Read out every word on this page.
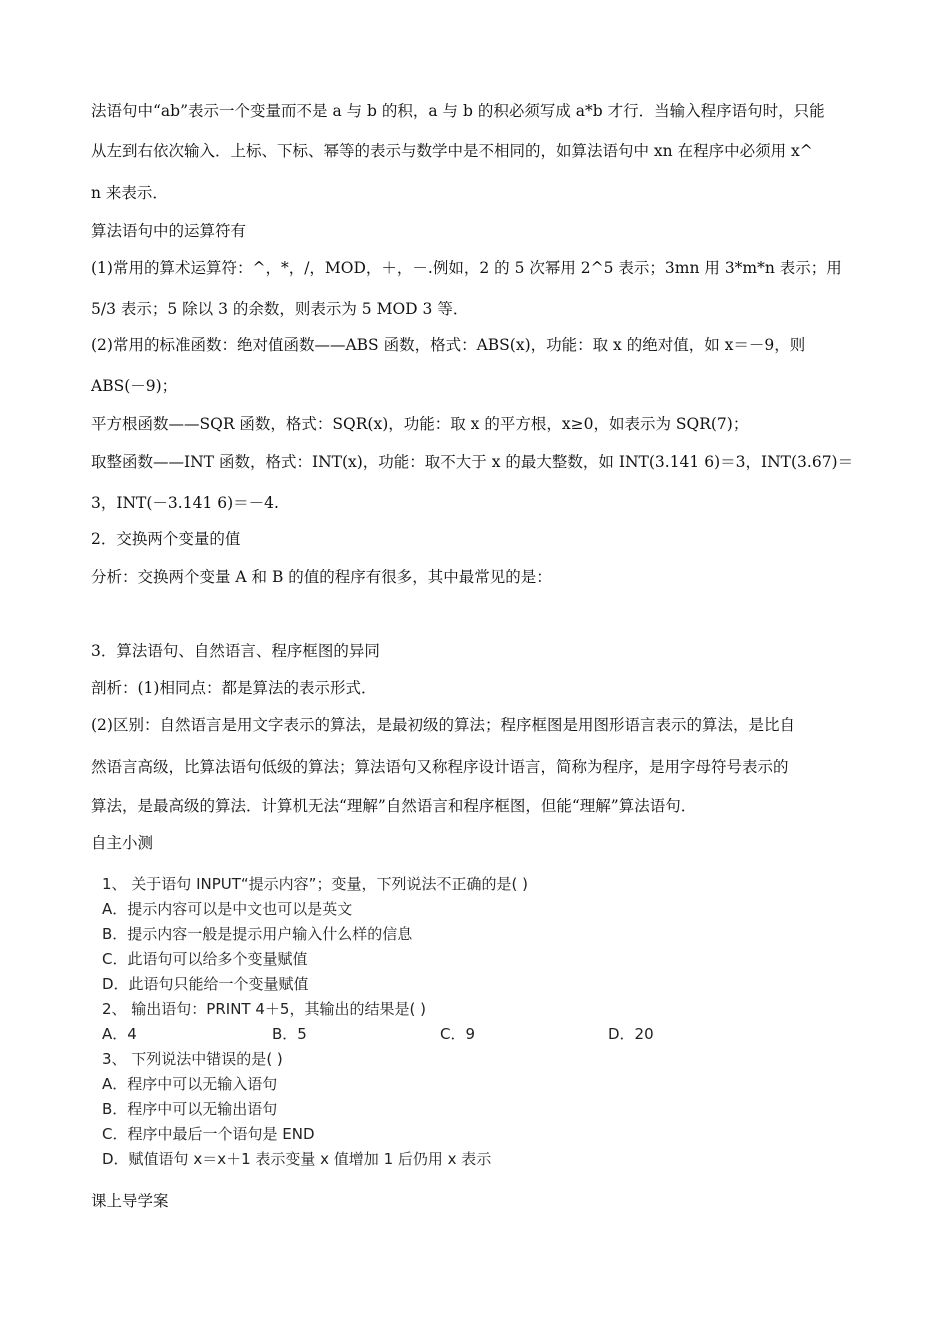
法语句中“ab”表示一个变量而不是 a 与 b 的积，a 与 b 的积必须写成 a*b 才行．当输入程序语句时，只能
从左到右依次输入．上标、下标、幂等的表示与数学中是不相同的，如算法语句中 xn 在程序中必须用 x^
n 来表示．
算法语句中的运算符有
(1)常用的算术运算符：^，*，/，MOD，＋，－.例如，2 的 5 次幂用 2^5 表示；3mn 用 3*m*n 表示；用
5/3 表示；5 除以 3 的余数，则表示为 5 MOD 3 等．
(2)常用的标准函数：绝对值函数——ABS 函数，格式：ABS(x)，功能：取 x 的绝对值，如 x＝－9，则
ABS(－9)；
平方根函数——SQR 函数，格式：SQR(x)，功能：取 x 的平方根，x≥0，如表示为 SQR(7)；
取整函数——INT 函数，格式：INT(x)，功能：取不大于 x 的最大整数，如 INT(3.141 6)＝3，INT(3.67)＝
3，INT(－3.141 6)＝－4.
2．交换两个变量的值
分析：交换两个变量 A 和 B 的值的程序有很多，其中最常见的是：
3．算法语句、自然语言、程序框图的异同
剖析：(1)相同点：都是算法的表示形式．
(2)区别：自然语言是用文字表示的算法，是最初级的算法；程序框图是用图形语言表示的算法，是比自
然语言高级，比算法语句低级的算法；算法语句又称程序设计语言，简称为程序，是用字母符号表示的
算法，是最高级的算法．计算机无法“理解”自然语言和程序框图，但能“理解”算法语句．
自主小测
1、 关于语句 INPUT“提示内容”；变量，下列说法不正确的是( )
A．提示内容可以是中文也可以是英文
B．提示内容一般是提示用户输入什么样的信息
C．此语句可以给多个变量赋值
D．此语句只能给一个变量赋值
2、 输出语句：PRINT 4＋5，其输出的结果是( )
A．4	B．5	C．9	D．20
3、 下列说法中错误的是( )
A．程序中可以无输入语句
B．程序中可以无输出语句
C．程序中最后一个语句是 END
D．赋值语句 x＝x＋1 表示变量 x 值增加 1 后仍用 x 表示
课上导学案
